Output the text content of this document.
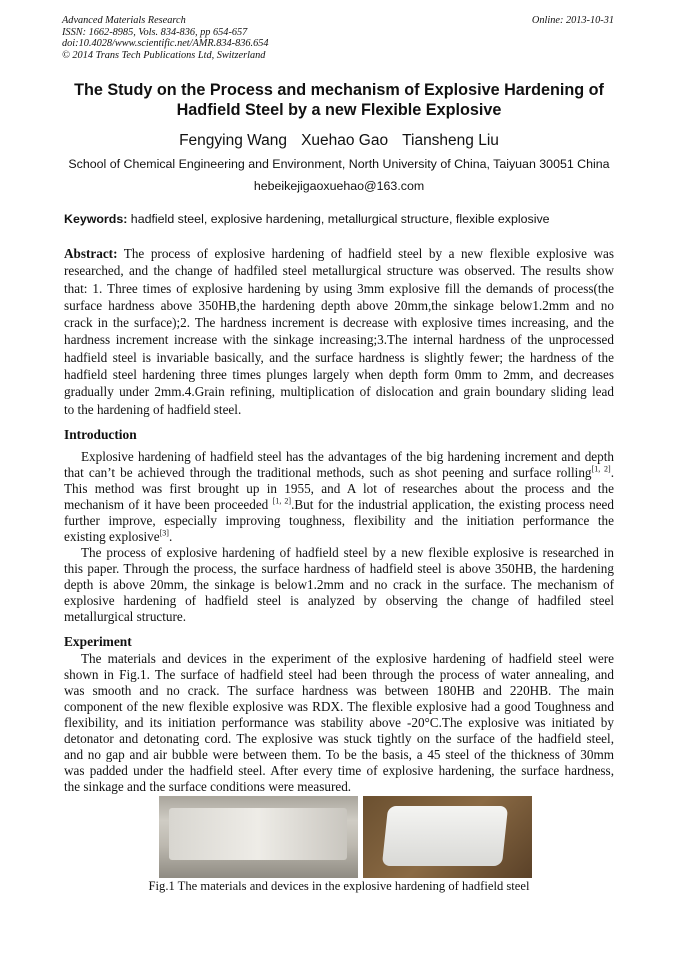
Advanced Materials Research
ISSN: 1662-8985, Vols. 834-836, pp 654-657
doi:10.4028/www.scientific.net/AMR.834-836.654
© 2014 Trans Tech Publications Ltd, Switzerland
Online: 2013-10-31
The Study on the Process and mechanism of Explosive Hardening of
Hadfield Steel by a new Flexible Explosive
Fengying Wang Xuehao Gao Tiansheng Liu
School of Chemical Engineering and Environment, North University of China, Taiyuan 30051 China
hebeikejigaoxuehao@163.com
Keywords: hadfield steel, explosive hardening, metallurgical structure, flexible explosive
Abstract: The process of explosive hardening of hadfield steel by a new flexible explosive was
researched, and the change of hadfiled steel metallurgical structure was observed. The results show
that: 1. Three times of explosive hardening by using 3mm explosive fill the demands of process(the
surface hardness above 350HB,the hardening depth above 20mm,the sinkage below1.2mm and no
crack in the surface);2. The hardness increment is decrease with explosive times increasing, and the
hardness increment increase with the sinkage increasing;3.The internal hardness of the unprocessed
hadfield steel is invariable basically, and the surface hardness is slightly fewer; the hardness of the
hadfield steel hardening three times plunges largely when depth form 0mm to 2mm, and decreases
gradually under 2mm.4.Grain refining, multiplication of dislocation and grain boundary sliding lead
to the hardening of hadfield steel.
Introduction
Explosive hardening of hadfield steel has the advantages of the big hardening increment and depth
that can’t be achieved through the traditional methods, such as shot peening and surface rolling[1, 2].
This method was first brought up in 1955, and A lot of researches about the process and the
mechanism of it have been proceeded [1, 2].But for the industrial application, the existing process need
further improve, especially improving toughness, flexibility and the initiation performance the
existing explosive[3].
The process of explosive hardening of hadfield steel by a new flexible explosive is researched in
this paper. Through the process, the surface hardness of hadfield steel is above 350HB, the hardening
depth is above 20mm, the sinkage is below1.2mm and no crack in the surface. The mechanism of
explosive hardening of hadfield steel is analyzed by observing the change of hadfiled steel
metallurgical structure.
Experiment
The materials and devices in the experiment of the explosive hardening of hadfield steel were
shown in Fig.1. The surface of hadfield steel had been through the process of water annealing, and
was smooth and no crack. The surface hardness was between 180HB and 220HB. The main
component of the new flexible explosive was RDX. The flexible explosive had a good Toughness and
flexibility, and its initiation performance was stability above -20°C.The explosive was initiated by
detonator and detonating cord. The explosive was stuck tightly on the surface of the hadfield steel,
and no gap and air bubble were between them. To be the basis, a 45 steel of the thickness of 30mm
was padded under the hadfield steel. After every time of explosive hardening, the surface hardness,
the sinkage and the surface conditions were measured.
Fig.1 The materials and devices in the explosive hardening of hadfield steel
